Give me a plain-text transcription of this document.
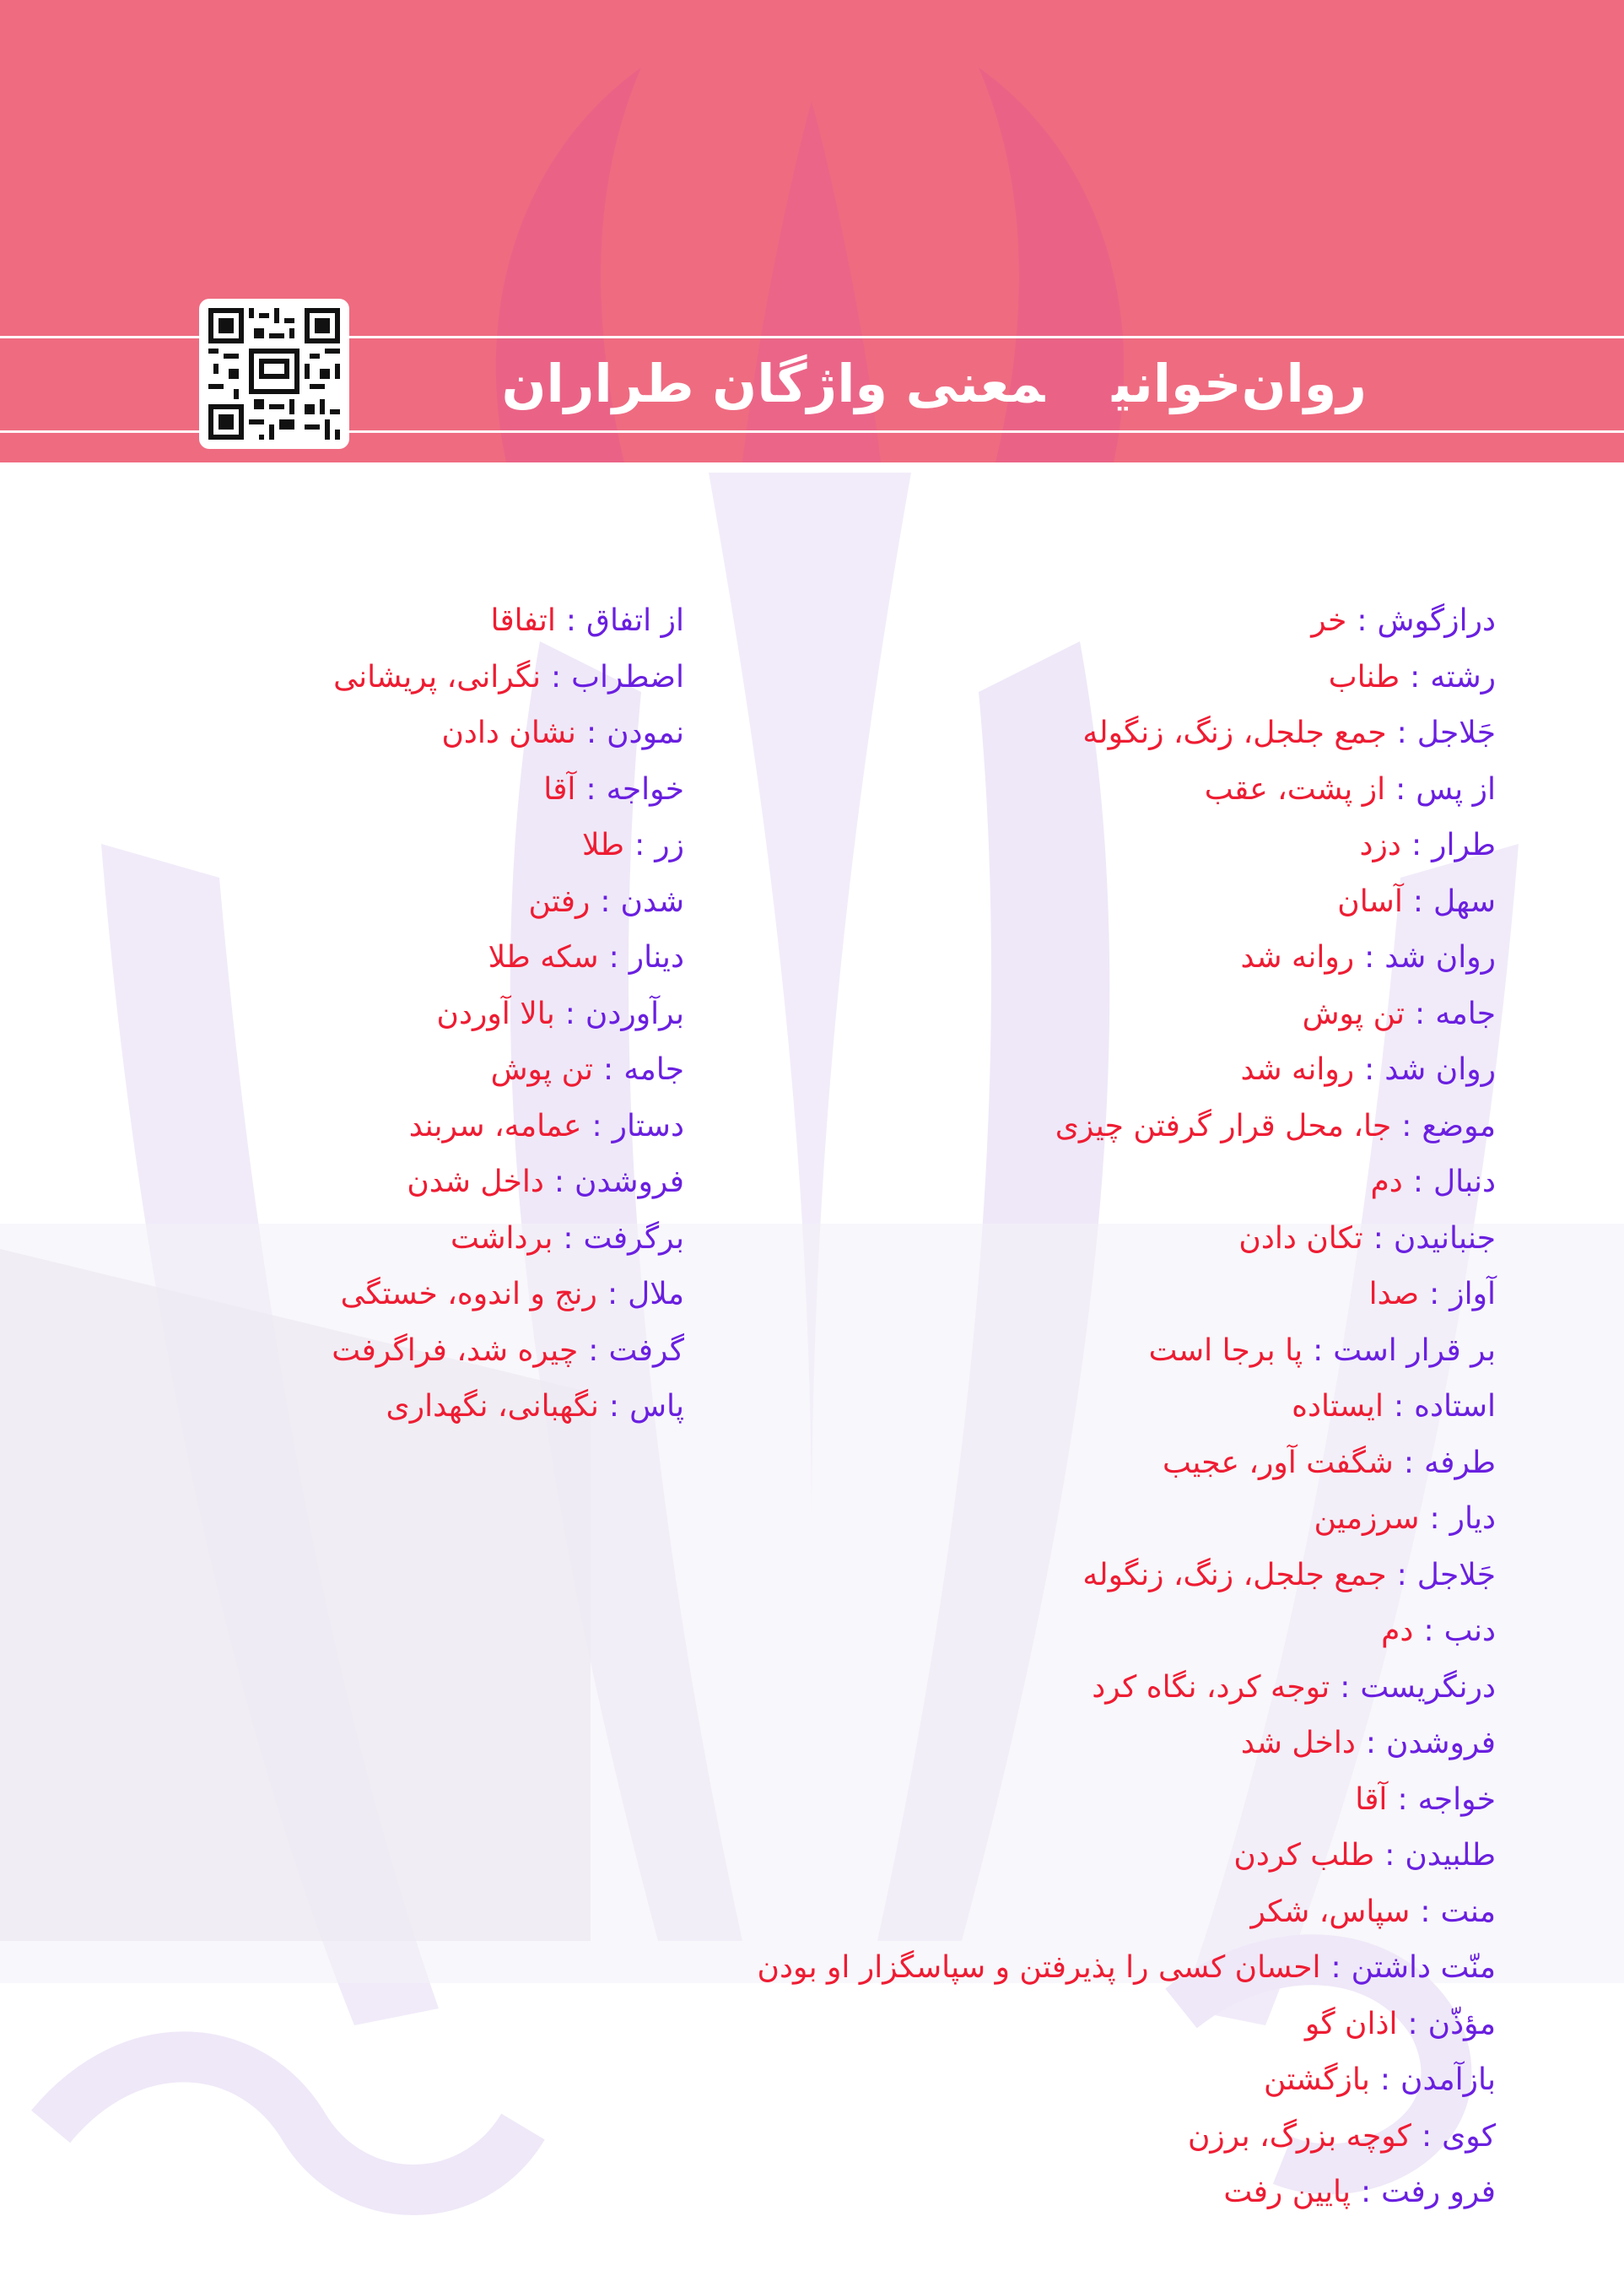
روان‌خوانیمعنی واژگان طراران
درازگوش:خر
رشته:طناب
جَلاجل:جمع جلجل، زنگ، زنگوله
از پس:از پشت، عقب
طرار:دزد
سهل:آسان
روان شد:روانه شد
جامه:تن پوش
روان شد:روانه شد
موضع:جا، محل قرار گرفتن چیزی
دنبال:دم
جنبانیدن:تکان دادن
آواز:صدا
بر قرار است:پا برجا است
استاده:ایستاده
طرفه:شگفت آور، عجیب
دیار:سرزمین
جَلاجل:جمع جلجل، زنگ، زنگوله
دنب:دم
درنگریست:توجه کرد، نگاه کرد
فروشدن:داخل شد
خواجه:آقا
طلبیدن:طلب کردن
منت:سپاس، شکر
منّت داشتن:احسان کسی را پذیرفتن و سپاسگزار او بودن
مؤذّن:اذان گو
بازآمدن:بازگشتن
کوی:کوچه بزرگ، برزن
فرو رفت:پایین رفت
از اتفاق:اتفاقا
اضطراب:نگرانی، پریشانی
نمودن:نشان دادن
خواجه:آقا
زر:طلا
شدن:رفتن
دینار:سکه طلا
برآوردن:بالا آوردن
جامه:تن پوش
دستار:عمامه، سربند
فروشدن:داخل شدن
برگرفت:برداشت
ملال:رنج و اندوه، خستگی
گرفت:چیره شد، فراگرفت
پاس:نگهبانی، نگهداری
